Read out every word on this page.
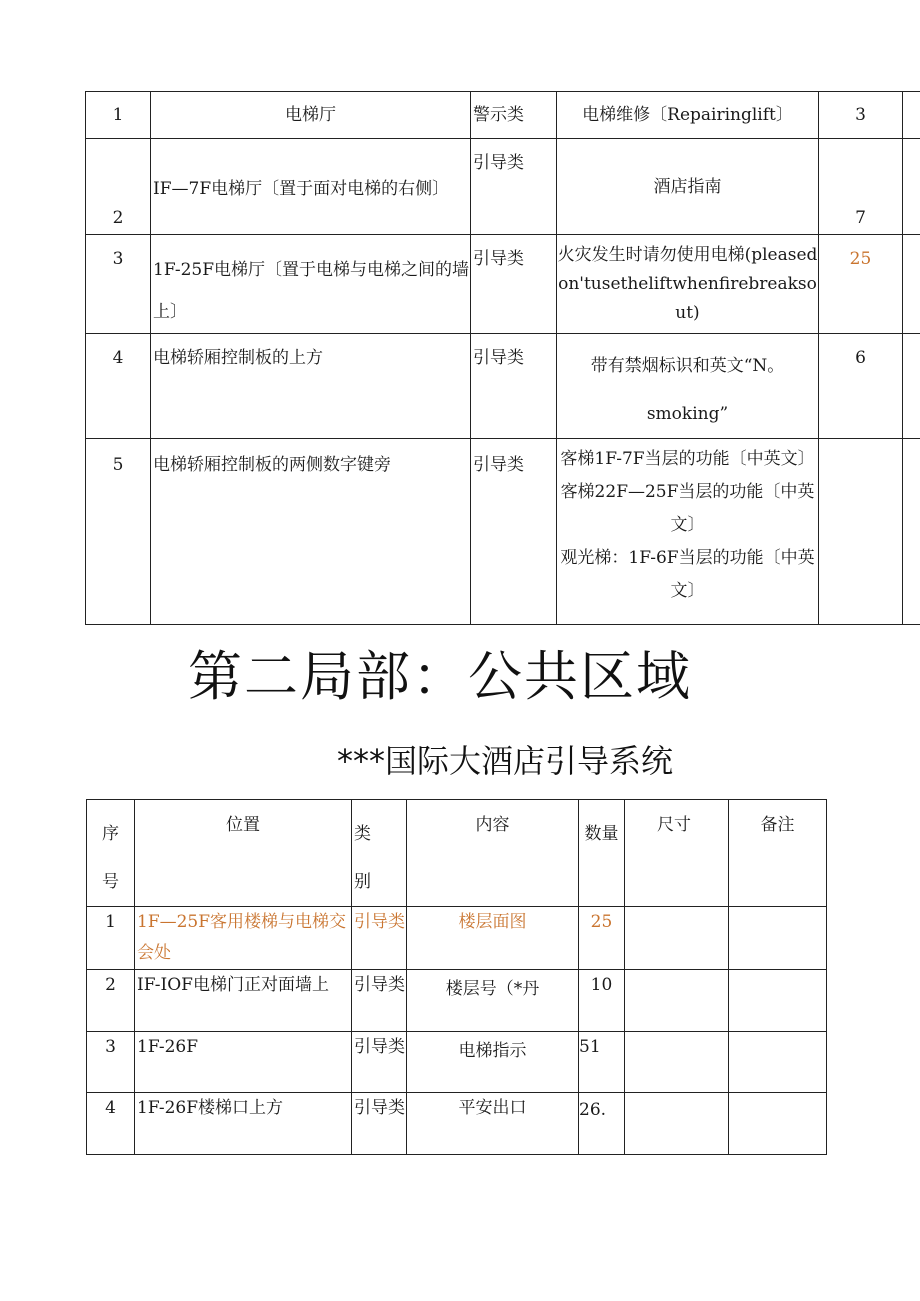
1	电梯厅	警示类	电梯维修〔Repairinglift〕	3	
2	IF—7F电梯厅〔置于面对电梯的右侧〕	引导类	酒店指南	7	
3	1F-25F电梯厅〔置于电梯与电梯之间的墙上〕	引导类	火灾发生时请勿使用电梯(pleasedon'tusetheliftwhenfirebreaksout)	25	
4	电梯轿厢控制板的上方	引导类	带有禁烟标识和英文“N。smoking”	6	
5	电梯轿厢控制板的两侧数字键旁	引导类	客梯1F-7F当层的功能〔中英文〕
客梯22F—25F当层的功能〔中英文〕
观光梯：1F-6F当层的功能〔中英文〕		

第二局部：公共区域
***国际大酒店引导系统
序号	位置	类别	内容	数量	尺寸	备注
1	1F—25F客用楼梯与电梯交会处	引导类	楼层面图	25		
2	IF-IOF电梯门正对面墙上	引导类	楼层号（*丹	10		
3	1F-26F	引导类	电梯指示	51		
4	1F-26F楼梯口上方	引导类	平安出口	26.		
